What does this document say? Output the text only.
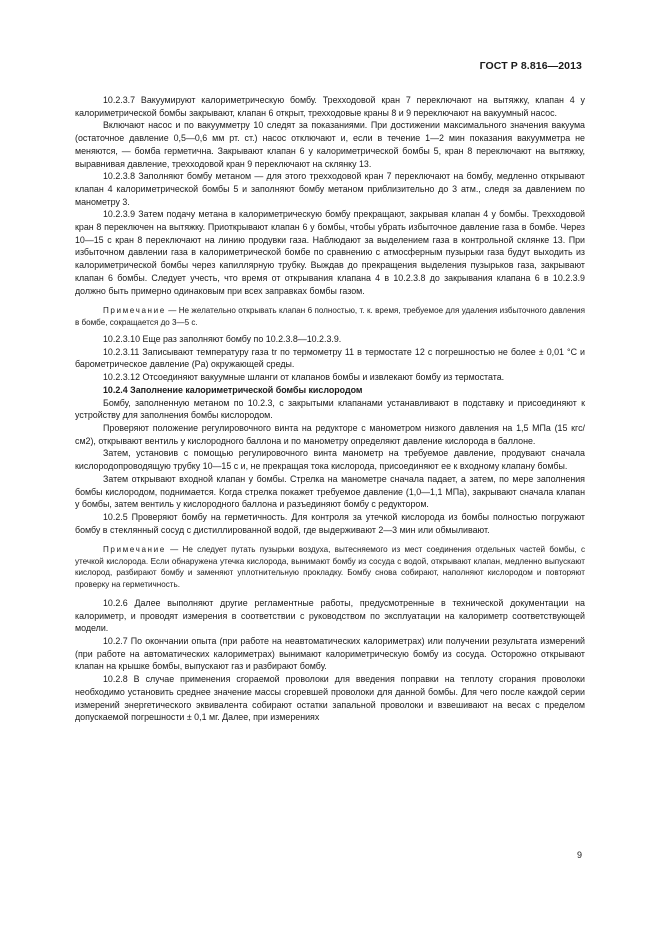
ГОСТ Р 8.816—2013

10.2.3.7 Вакуумируют калориметрическую бомбу. Трехходовой кран 7 переключают на вытяжку, клапан 4 у калориметрической бомбы закрывают, клапан 6 открыт, трехходовые краны 8 и 9 переключают на вакуумный насос.

Включают насос и по вакуумметру 10 следят за показаниями. При достижении максимального значения вакуума (остаточное давление 0,5—0,6 мм рт. ст.) насос отключают и, если в течение 1—2 мин показания вакуумметра не меняются, — бомба герметична. Закрывают клапан 6 у калориметрической бомбы 5, кран 8 переключают на вытяжку, выравнивая давление, трехходовой кран 9 переключают на склянку 13.

10.2.3.8 Заполняют бомбу метаном — для этого трехходовой кран 7 переключают на бомбу, медленно открывают клапан 4 калориметрической бомбы 5 и заполняют бомбу метаном приблизительно до 3 атм., следя за давлением по манометру 3.

10.2.3.9 Затем подачу метана в калориметрическую бомбу прекращают, закрывая клапан 4 у бомбы. Трехходовой кран 8 переключен на вытяжку. Приоткрывают клапан 6 у бомбы, чтобы убрать избыточное давление газа в бомбе. Через 10—15 с кран 8 переключают на линию продувки газа. Наблюдают за выделением газа в контрольной склянке 13. При избыточном давлении газа в калориметрической бомбе по сравнению с атмосферным пузырьки газа будут выходить из калориметрической бомбы через капиллярную трубку. Выждав до прекращения выделения пузырьков газа, закрывают клапан 6 бомбы. Следует учесть, что время от открывания клапана 4 в 10.2.3.8 до закрывания клапана 6 в 10.2.3.9 должно быть примерно одинаковым при всех заправках бомбы газом.

Примечание — Не желательно открывать клапан 6 полностью, т. к. время, требуемое для удаления избыточного давления в бомбе, сокращается до 3—5 с.

10.2.3.10 Еще раз заполняют бомбу по 10.2.3.8—10.2.3.9.

10.2.3.11 Записывают температуру газа tr по термометру 11 в термостате 12 с погрешностью не более ± 0,01 °С и барометрическое давление (Pa) окружающей среды.

10.2.3.12 Отсоединяют вакуумные шланги от клапанов бомбы и извлекают бомбу из термостата.

10.2.4 Заполнение калориметрической бомбы кислородом

Бомбу, заполненную метаном по 10.2.3, с закрытыми клапанами устанавливают в подставку и присоединяют к устройству для заполнения бомбы кислородом.

Проверяют положение регулировочного винта на редукторе с манометром низкого давления на 1,5 МПа (15 кгс/см2), открывают вентиль у кислородного баллона и по манометру определяют давление кислорода в баллоне.

Затем, установив с помощью регулировочного винта манометр на требуемое давление, продувают сначала кислородопроводящую трубку 10—15 с и, не прекращая тока кислорода, присоединяют ее к входному клапану бомбы.

Затем открывают входной клапан у бомбы. Стрелка на манометре сначала падает, а затем, по мере заполнения бомбы кислородом, поднимается. Когда стрелка покажет требуемое давление (1,0—1,1 МПа), закрывают сначала клапан у бомбы, затем вентиль у кислородного баллона и разъединяют бомбу с редуктором.

10.2.5 Проверяют бомбу на герметичность. Для контроля за утечкой кислорода из бомбы полностью погружают бомбу в стеклянный сосуд с дистиллированной водой, где выдерживают 2—3 мин или обмыливают.

Примечание — Не следует путать пузырьки воздуха, вытесняемого из мест соединения отдельных частей бомбы, с утечкой кислорода. Если обнаружена утечка кислорода, вынимают бомбу из сосуда с водой, открывают клапан, медленно выпускают кислород, разбирают бомбу и заменяют уплотнительную прокладку. Бомбу снова собирают, наполняют кислородом и повторяют проверку на герметичность.

10.2.6 Далее выполняют другие регламентные работы, предусмотренные в технической документации на калориметр, и проводят измерения в соответствии с руководством по эксплуатации на калориметр соответствующей модели.

10.2.7 По окончании опыта (при работе на неавтоматических калориметрах) или получении результата измерений (при работе на автоматических калориметрах) вынимают калориметрическую бомбу из сосуда. Осторожно открывают клапан на крышке бомбы, выпускают газ и разбирают бомбу.

10.2.8 В случае применения сгораемой проволоки для введения поправки на теплоту сгорания проволоки необходимо установить среднее значение массы сгоревшей проволоки для данной бомбы. Для чего после каждой серии измерений энергетического эквивалента собирают остатки запальной проволоки и взвешивают на весах с пределом допускаемой погрешности ± 0,1 мг. Далее, при измерениях

9
